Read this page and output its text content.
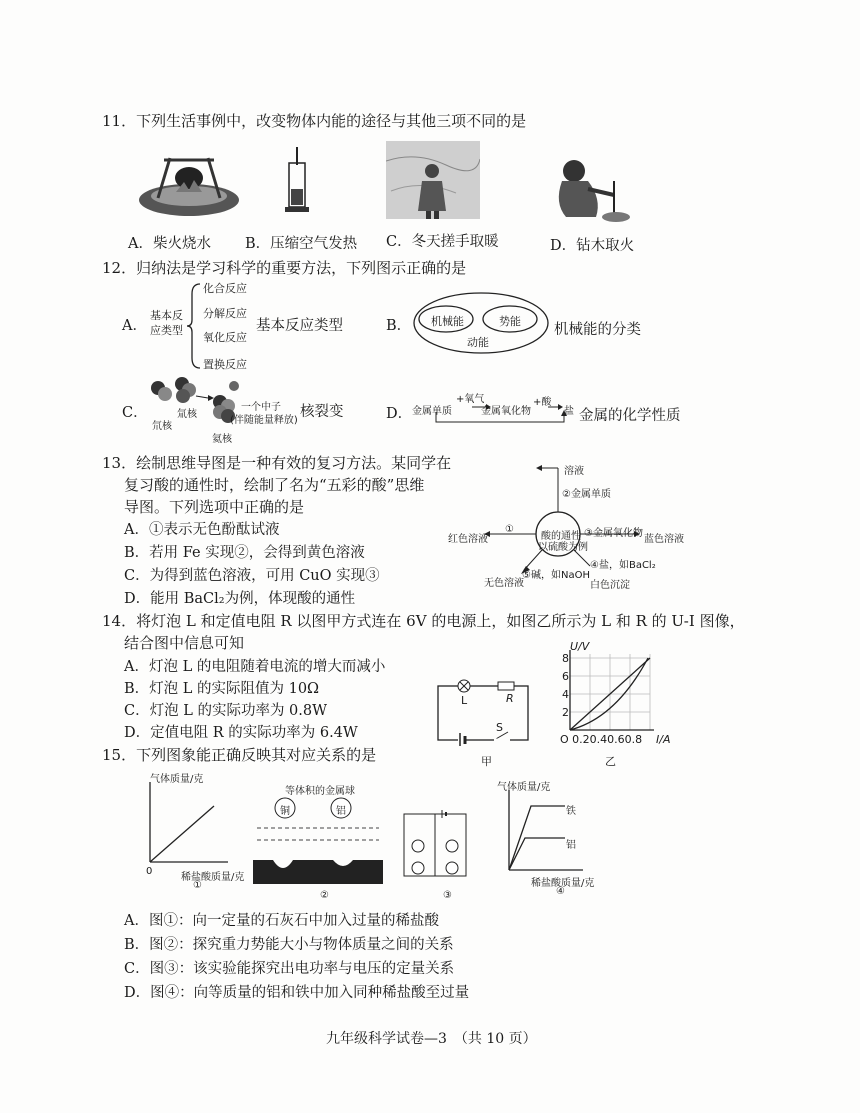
11．下列生活事例中，改变物体内能的途径与其他三项不同的是
A．柴火烧水 B．压缩空气发热 C．冬天搓手取暖	D．钻木取火
12．归纳法是学习科学的重要方法，下列图示正确的是
A．
基本反
应类型
化合反应
分解反应
氧化反应
置换反应
基本反应类型	B． 机械能	势能
动能
机械能的分类
C．	一个中子
(伴随能量释放)
氘核
氚核
氦核
核裂变	D． 金属单质
+氧气
金属氧化物
+酸
盐 金属的化学性质
13．绘制思维导图是一种有效的复习方法。某同学在
复习酸的通性时，绘制了名为“五彩的酸”思维
导图。下列选项中正确的是
A．①表示无色酚酞试液
B．若用 Fe 实现②，会得到黄色溶液
C．为得到蓝色溶液，可用 CuO 实现③
D．能用 BaCl₂为例，体现酸的通性
酸的通性
以硫酸为例
溶液
②金属单质
①
红色溶液
③金属氧化物
蓝色溶液
④盐，如BaCl₂
白色沉淀
⑤碱，如NaOH
无色溶液
14．将灯泡 L 和定值电阻 R 以图甲方式连在 6V 的电源上，如图乙所示为 L 和 R 的 U-I 图像，
结合图中信息可知
A．灯泡 L 的电阻随着电流的增大而减小
B．灯泡 L 的实际阻值为 10Ω
C．灯泡 L 的实际功率为 0.8W
D．定值电阻 R 的实际功率为 6.4W
L	R
S
甲
U/V
8
6
4
2
O 0.20.40.60.8 I/A
乙
15．下列图象能正确反映其对应关系的是
气体质量/克
0
稀盐酸质量/克
①
等体积的金属球
铜	铝
②	③
气体质量/克
铁
铝
稀盐酸质量/克
④
A．图①：向一定量的石灰石中加入过量的稀盐酸
B．图②：探究重力势能大小与物体质量之间的关系
C．图③：该实验能探究出电功率与电压的定量关系
D．图④：向等质量的铝和铁中加入同种稀盐酸至过量
九年级科学试卷—3　（共 10 页）
